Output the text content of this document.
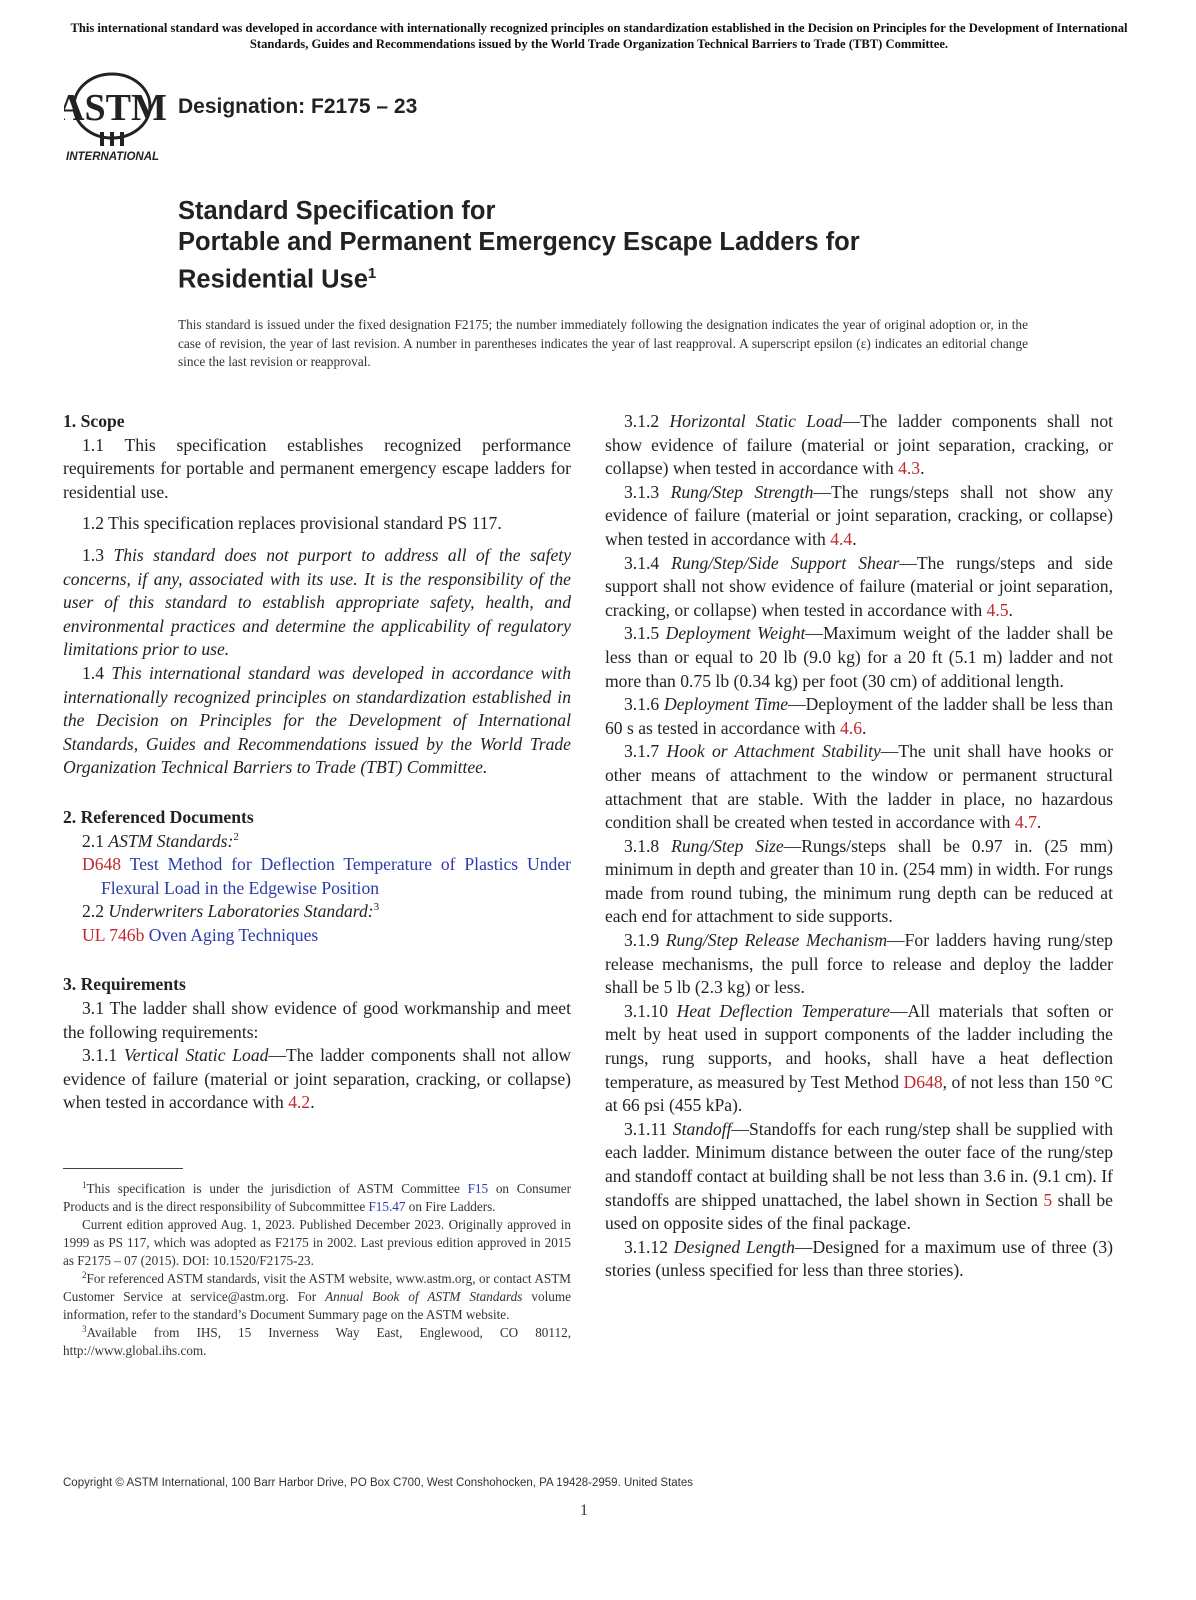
This international standard was developed in accordance with internationally recognized principles on standardization established in the Decision on Principles for the Development of International Standards, Guides and Recommendations issued by the World Trade Organization Technical Barriers to Trade (TBT) Committee.
ASTM
INTERNATIONAL
Designation: F2175 – 23
Standard Specification for
Portable and Permanent Emergency Escape Ladders for
Residential Use$^1$
This standard is issued under the fixed designation F2175; the number immediately following the designation indicates the year of original adoption or, in the case of revision, the year of last revision. A number in parentheses indicates the year of last reapproval. A superscript epsilon (ε) indicates an editorial change since the last revision or reapproval.

1. Scope

1.1 This specification establishes recognized performance requirements for portable and permanent emergency escape ladders for residential use.

1.2 This specification replaces provisional standard PS 117.

1.3 This standard does not purport to address all of the safety concerns, if any, associated with its use. It is the responsibility of the user of this standard to establish appropriate safety, health, and environmental practices and determine the applicability of regulatory limitations prior to use.

1.4 This international standard was developed in accordance with internationally recognized principles on standardization established in the Decision on Principles for the Development of International Standards, Guides and Recommendations issued by the World Trade Organization Technical Barriers to Trade (TBT) Committee.

2. Referenced Documents

2.1 ASTM Standards:$^2$

D648 Test Method for Deflection Temperature of Plastics Under Flexural Load in the Edgewise Position

2.2 Underwriters Laboratories Standard:$^3$

UL 746b Oven Aging Techniques

3. Requirements

3.1 The ladder shall show evidence of good workmanship and meet the following requirements:

3.1.1 Vertical Static Load—The ladder components shall not allow evidence of failure (material or joint separation, cracking, or collapse) when tested in accordance with 4.2.

$^1$This specification is under the jurisdiction of ASTM Committee F15 on Consumer Products and is the direct responsibility of Subcommittee F15.47 on Fire Ladders.

Current edition approved Aug. 1, 2023. Published December 2023. Originally approved in 1999 as PS 117, which was adopted as F2175 in 2002. Last previous edition approved in 2015 as F2175 – 07 (2015). DOI: 10.1520/F2175-23.

$^2$For referenced ASTM standards, visit the ASTM website, www.astm.org, or contact ASTM Customer Service at service@astm.org. For Annual Book of ASTM Standards volume information, refer to the standard’s Document Summary page on the ASTM website.

$^3$Available from IHS, 15 Inverness Way East, Englewood, CO 80112, http://www.global.ihs.com.

3.1.2 Horizontal Static Load—The ladder components shall not show evidence of failure (material or joint separation, cracking, or collapse) when tested in accordance with 4.3.

3.1.3 Rung/Step Strength—The rungs/steps shall not show any evidence of failure (material or joint separation, cracking, or collapse) when tested in accordance with 4.4.

3.1.4 Rung/Step/Side Support Shear—The rungs/steps and side support shall not show evidence of failure (material or joint separation, cracking, or collapse) when tested in accordance with 4.5.

3.1.5 Deployment Weight—Maximum weight of the ladder shall be less than or equal to 20 lb (9.0 kg) for a 20 ft (5.1 m) ladder and not more than 0.75 lb (0.34 kg) per foot (30 cm) of additional length.

3.1.6 Deployment Time—Deployment of the ladder shall be less than 60 s as tested in accordance with 4.6.

3.1.7 Hook or Attachment Stability—The unit shall have hooks or other means of attachment to the window or permanent structural attachment that are stable. With the ladder in place, no hazardous condition shall be created when tested in accordance with 4.7.

3.1.8 Rung/Step Size—Rungs/steps shall be 0.97 in. (25 mm) minimum in depth and greater than 10 in. (254 mm) in width. For rungs made from round tubing, the minimum rung depth can be reduced at each end for attachment to side supports.

3.1.9 Rung/Step Release Mechanism—For ladders having rung/step release mechanisms, the pull force to release and deploy the ladder shall be 5 lb (2.3 kg) or less.

3.1.10 Heat Deflection Temperature—All materials that soften or melt by heat used in support components of the ladder including the rungs, rung supports, and hooks, shall have a heat deflection temperature, as measured by Test Method D648, of not less than 150 °C at 66 psi (455 kPa).

3.1.11 Standoff—Standoffs for each rung/step shall be supplied with each ladder. Minimum distance between the outer face of the rung/step and standoff contact at building shall be not less than 3.6 in. (9.1 cm). If standoffs are shipped unattached, the label shown in Section 5 shall be used on opposite sides of the final package.

3.1.12 Designed Length—Designed for a maximum use of three (3) stories (unless specified for less than three stories).

Copyright © ASTM International, 100 Barr Harbor Drive, PO Box C700, West Conshohocken, PA 19428-2959. United States
1
